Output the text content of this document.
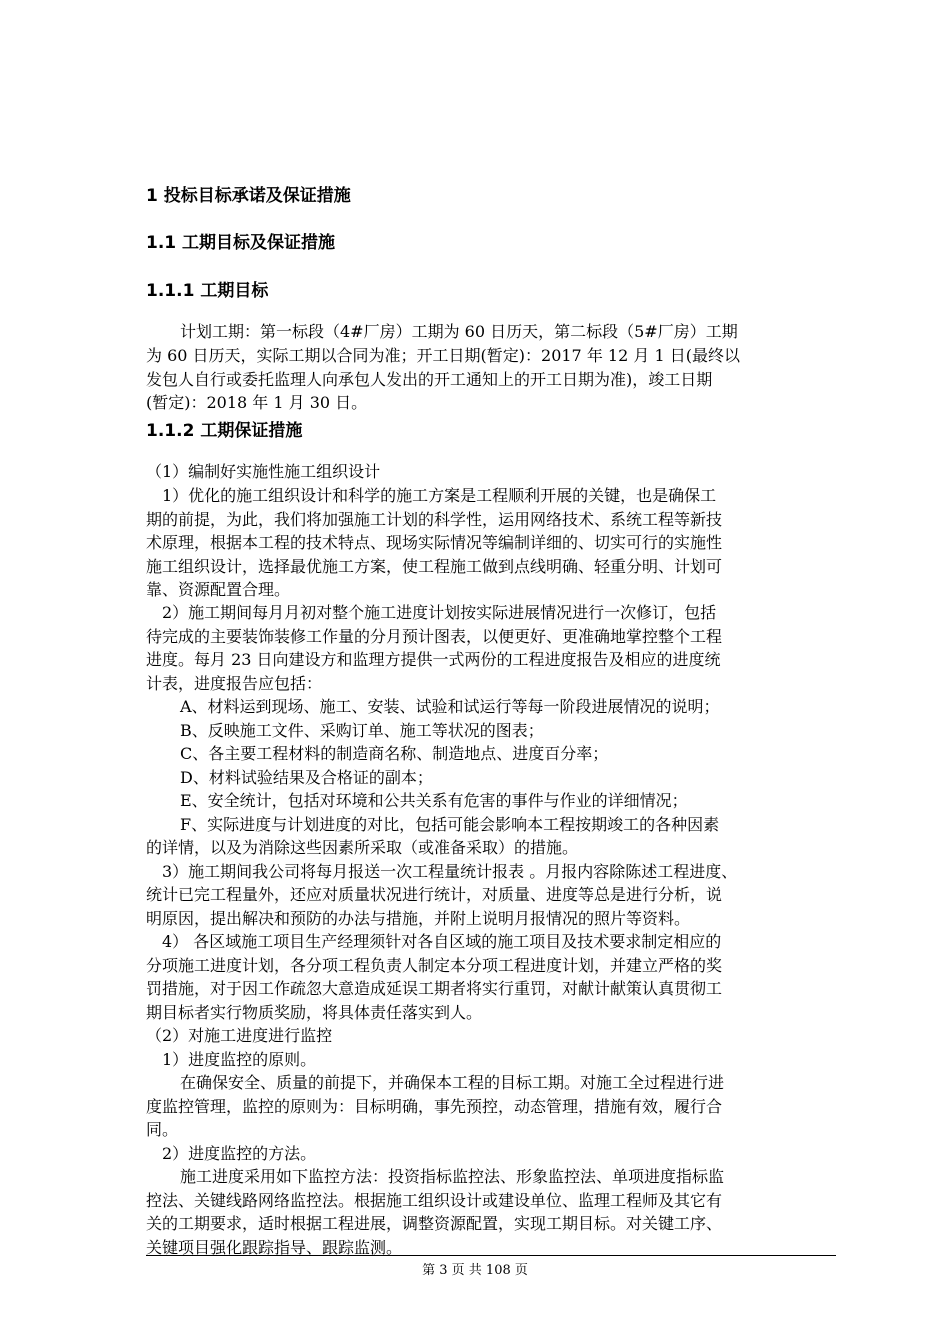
1 投标目标承诺及保证措施
1.1 工期目标及保证措施
1.1.1 工期目标
计划工期：第一标段（4#厂房）工期为 60 日历天，第二标段（5#厂房）工期
为 60 日历天，实际工期以合同为准；开工日期(暂定)：2017 年 12 月 1 日(最终以
发包人自行或委托监理人向承包人发出的开工通知上的开工日期为准)，竣工日期
(暂定)：2018 年 1 月 30 日。
1.1.2 工期保证措施
（1）编制好实施性施工组织设计
1）优化的施工组织设计和科学的施工方案是工程顺利开展的关键，也是确保工
期的前提，为此，我们将加强施工计划的科学性，运用网络技术、系统工程等新技
术原理，根据本工程的技术特点、现场实际情况等编制详细的、切实可行的实施性
施工组织设计，选择最优施工方案，使工程施工做到点线明确、轻重分明、计划可
靠、资源配置合理。
2）施工期间每月月初对整个施工进度计划按实际进展情况进行一次修订，包括
待完成的主要装饰装修工作量的分月预计图表，以便更好、更准确地掌控整个工程
进度。每月 23 日向建设方和监理方提供一式两份的工程进度报告及相应的进度统
计表，进度报告应包括：
A、材料运到现场、施工、安装、试验和试运行等每一阶段进展情况的说明；
B、反映施工文件、采购订单、施工等状况的图表；
C、各主要工程材料的制造商名称、制造地点、进度百分率；
D、材料试验结果及合格证的副本；
E、安全统计，包括对环境和公共关系有危害的事件与作业的详细情况；
F、实际进度与计划进度的对比，包括可能会影响本工程按期竣工的各种因素
的详情，以及为消除这些因素所采取（或准备采取）的措施。
3）施工期间我公司将每月报送一次工程量统计报表 。月报内容除陈述工程进度、
统计已完工程量外，还应对质量状况进行统计，对质量、进度等总是进行分析，说
明原因，提出解决和预防的办法与措施，并附上说明月报情况的照片等资料。
4） 各区域施工项目生产经理须针对各自区域的施工项目及技术要求制定相应的
分项施工进度计划，各分项工程负责人制定本分项工程进度计划，并建立严格的奖
罚措施，对于因工作疏忽大意造成延误工期者将实行重罚，对献计献策认真贯彻工
期目标者实行物质奖励，将具体责任落实到人。
（2）对施工进度进行监控
1）进度监控的原则。
在确保安全、质量的前提下，并确保本工程的目标工期。对施工全过程进行进
度监控管理，监控的原则为：目标明确，事先预控，动态管理，措施有效，履行合
同。
2）进度监控的方法。
施工进度采用如下监控方法：投资指标监控法、形象监控法、单项进度指标监
控法、关键线路网络监控法。根据施工组织设计或建设单位、监理工程师及其它有
关的工期要求，适时根据工程进展，调整资源配置，实现工期目标。对关键工序、
关键项目强化跟踪指导、跟踪监测。
第 3 页 共 108 页
